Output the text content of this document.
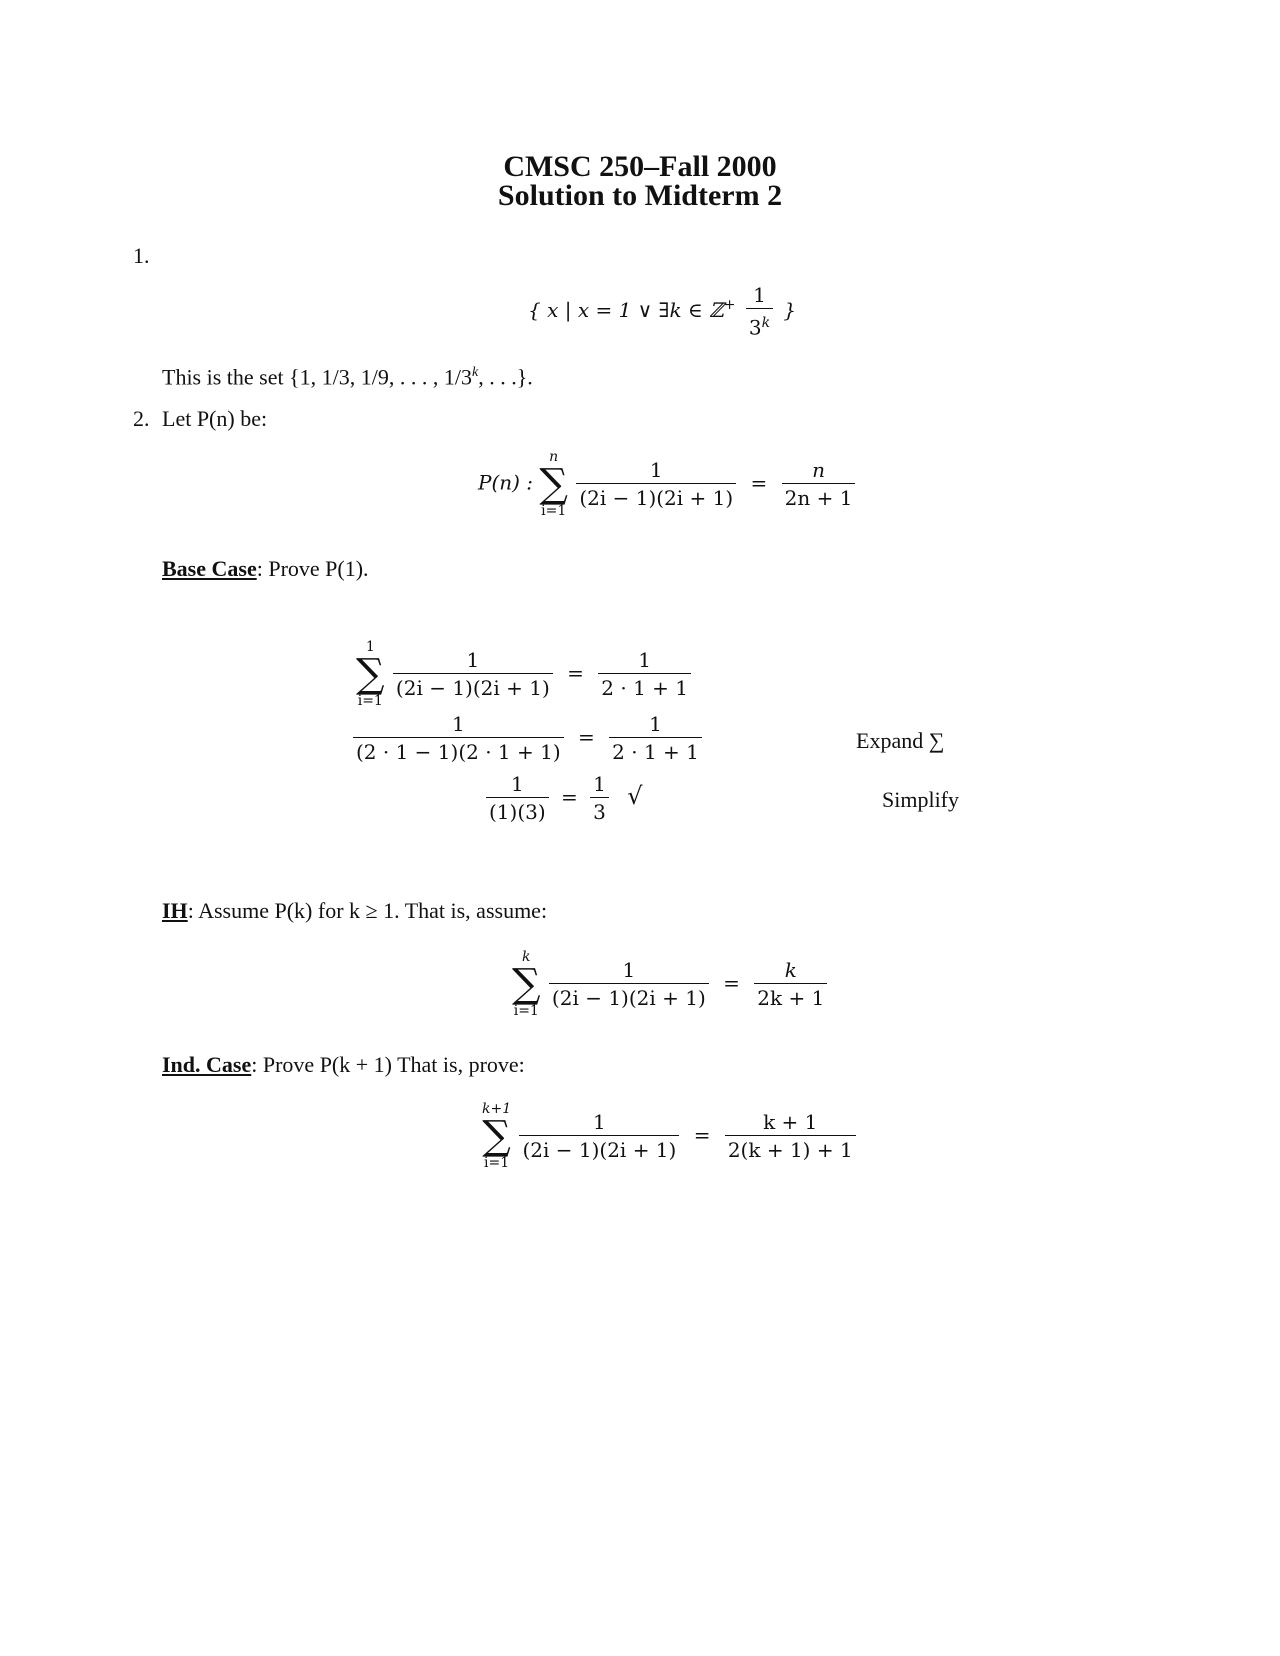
CMSC 250–Fall 2000
Solution to Midterm 2
1.
{ x | x = 1 ∨ ∃k ∈ ℤ+ $\frac{1}{3^k}$ }
This is the set {1, 1/3, 1/9, . . . , 1/3$^k$, . . .}.
2. Let P(n) be:
P(n) :
n
∑
i=1

$\frac{1}{(2i - 1)(2i + 1)} = \frac{n}{2n + 1}$
Base Case: Prove P(1).
1
∑
i=1

$\frac{1}{(2i - 1)(2i + 1)} = \frac{1}{2 \cdot 1 + 1}$
$\frac{1}{(2 \cdot 1 - 1)(2 \cdot 1 + 1)} = \frac{1}{2 \cdot 1 + 1}$	Expand ∑
$\frac{1}{(1)(3)} = \frac{1}{3}$ √	Simplify
IH: Assume P(k) for k ≥ 1. That is, assume:
k
∑
i=1

$\frac{1}{(2i - 1)(2i + 1)} = \frac{k}{2k + 1}$
Ind. Case: Prove P(k + 1) That is, prove:
k+1
∑
i=1

$\frac{1}{(2i - 1)(2i + 1)} = \frac{k + 1}{2(k + 1) + 1}$
